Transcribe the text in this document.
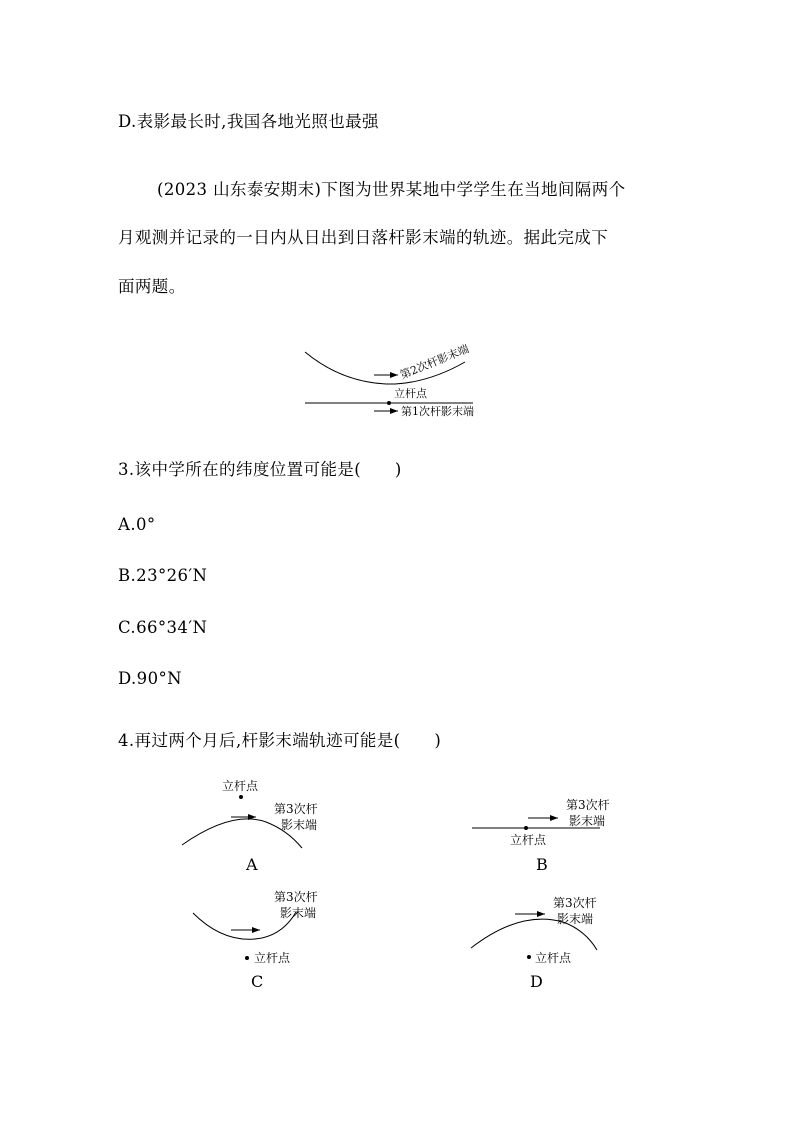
D.表影最长时,我国各地光照也最强
(2023 山东泰安期末)下图为世界某地中学学生在当地间隔两个
月观测并记录的一日内从日出到日落杆影末端的轨迹。据此完成下
面两题。
第2次杆影末端
立杆点
第1次杆影末端
3.该中学所在的纬度位置可能是(　　)
A.0°
B.23°26′N
C.66°34′N
D.90°N
4.再过两个月后,杆影末端轨迹可能是(　　)
立杆点
第3次杆
影末端
A
第3次杆
影末端
立杆点
B
第3次杆
影末端
立杆点
C
第3次杆
影末端
立杆点
D
